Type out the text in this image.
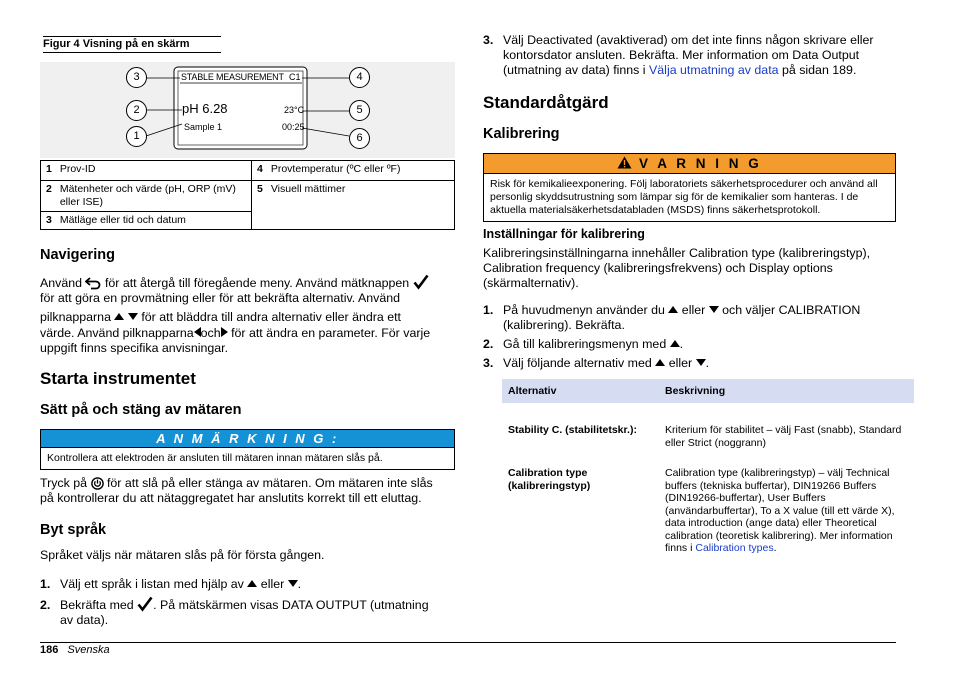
Figur 4 Visning på en skärm
STABLE MEASUREMENT C1
pH 6.28	23°C
Sample 1	00:25
3
2
1
4
5
6
1 Prov-ID	4 Provtemperatur (ºC eller ºF)

2 Mätenheter och värde (pH, ORP (mV) eller ISE)	5 Visuell mättimer
3 Mätläge eller tid och datum	
Navigering
Använd för att återgå till föregående meny. Använd mätknappen
för att göra en provmätning eller för att bekräfta alternativ. Använd
pilknapparna för att bläddra till andra alternativ eller ändra ett
värde. Använd pilknapparna och för att ändra en parameter. För varje
uppgift finns specifika anvisningar.
Starta instrumentet
Sätt på och stäng av mätaren
A N M Ä R K N I N G :
Kontrollera att elektroden är ansluten till mätaren innan mätaren slås på.
Tryck på för att slå på eller stänga av mätaren. Om mätaren inte slås
på kontrollerar du att nätaggregatet har anslutits korrekt till ett eluttag.
Byt språk
Språket väljs när mätaren slås på för första gången.
1. Välj ett språk i listan med hjälp av eller .
2. Bekräfta med . På mätskärmen visas DATA OUTPUT (utmatning
av data).
3. Välj Deactivated (avaktiverad) om det inte finns någon skrivare eller
kontorsdator ansluten. Bekräfta. Mer information om Data Output
(utmatning av data) finns i Välja utmatning av data på sidan 189.
Standardåtgärd
Kalibrering
V A R N I N G
Risk för kemikalieexponering. Följ laboratoriets säkerhetsprocedurer och använd all personlig skyddsutrustning som lämpar sig för de kemikalier som hanteras. I de aktuella materialsäkerhetsdatabladen (MSDS) finns säkerhetsprotokoll.
Inställningar för kalibrering
Kalibreringsinställningarna innehåller Calibration type (kalibreringstyp), Calibration frequency (kalibreringsfrekvens) och Display options (skärmalternativ).
1. På huvudmenyn använder du eller och väljer CALIBRATION
(kalibrering). Bekräfta.
2. Gå till kalibreringsmenyn med .
3. Välj följande alternativ med eller .
Alternativ	Beskrivning
Stability C. (stabilitetskr.):	Kriterium för stabilitet – välj Fast (snabb), Standard eller Strict (noggrann)
Calibration type (kalibreringstyp)	Calibration type (kalibreringstyp) – välj Technical buffers (tekniska buffertar), DIN19266 Buffers (DIN19266-buffertar), User Buffers (användarbuffertar), To a X value (till ett värde X), data introduction (ange data) eller Theoretical calibration (teoretisk kalibrering). Mer information finns i Calibration types.
186 Svenska
